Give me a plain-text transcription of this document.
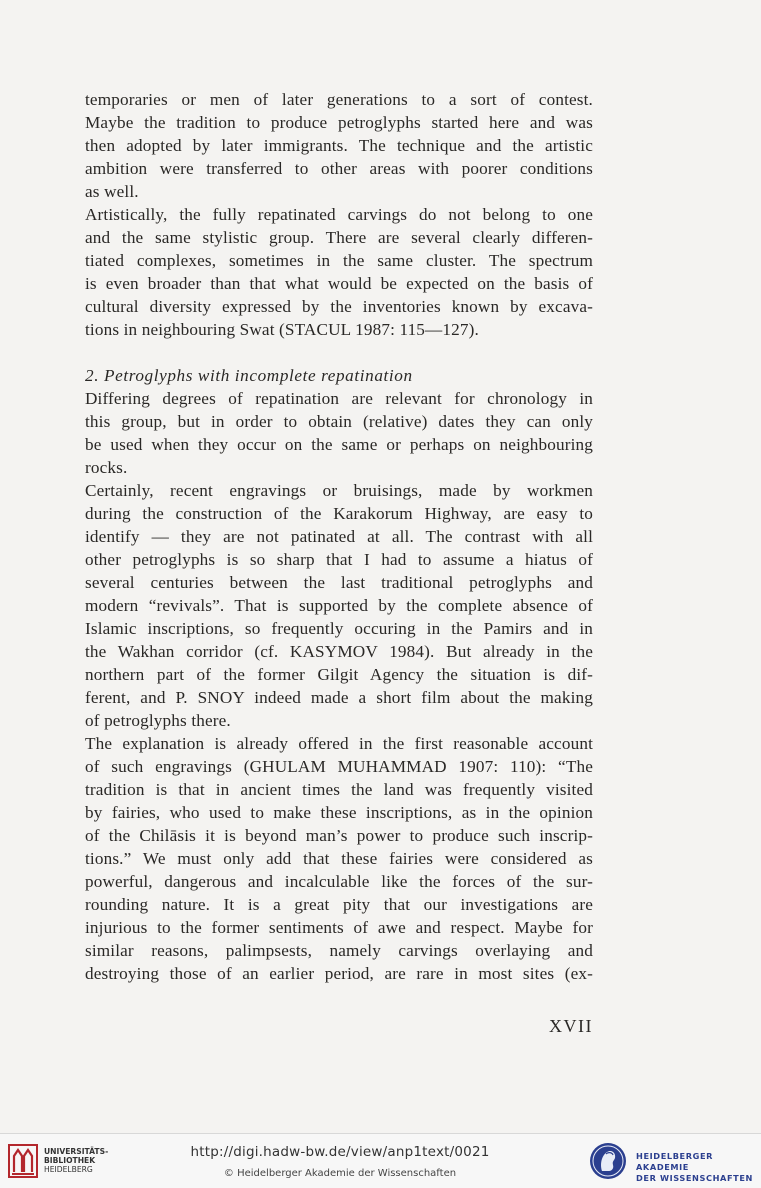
temporaries or men of later generations to a sort of contest.
Maybe the tradition to produce petroglyphs started here and was
then adopted by later immigrants. The technique and the artistic
ambition were transferred to other areas with poorer conditions
as well.
Artistically, the fully repatinated carvings do not belong to one
and the same stylistic group. There are several clearly differen-
tiated complexes, sometimes in the same cluster. The spectrum
is even broader than that what would be expected on the basis of
cultural diversity expressed by the inventories known by excava-
tions in neighbouring Swat (STACUL 1987: 115—127).
2. Petroglyphs with incomplete repatination
Differing degrees of repatination are relevant for chronology in
this group, but in order to obtain (relative) dates they can only
be used when they occur on the same or perhaps on neighbouring
rocks.
Certainly, recent engravings or bruisings, made by workmen
during the construction of the Karakorum Highway, are easy to
identify — they are not patinated at all. The contrast with all
other petroglyphs is so sharp that I had to assume a hiatus of
several centuries between the last traditional petroglyphs and
modern “revivals”. That is supported by the complete absence of
Islamic inscriptions, so frequently occuring in the Pamirs and in
the Wakhan corridor (cf. KASYMOV 1984). But already in the
northern part of the former Gilgit Agency the situation is dif-
ferent, and P. SNOY indeed made a short film about the making
of petroglyphs there.
The explanation is already offered in the first reasonable account
of such engravings (GHULAM MUHAMMAD 1907: 110): “The
tradition is that in ancient times the land was frequently visited
by fairies, who used to make these inscriptions, as in the opinion
of the Chilāsis it is beyond man’s power to produce such inscrip-
tions.” We must only add that these fairies were considered as
powerful, dangerous and incalculable like the forces of the sur-
rounding nature. It is a great pity that our investigations are
injurious to the former sentiments of awe and respect. Maybe for
similar reasons, palimpsests, namely carvings overlaying and
destroying those of an earlier period, are rare in most sites (ex-
XVII
UNIVERSITÄTS-
BIBLIOTHEK
HEIDELBERG
http://digi.hadw-bw.de/view/anp1text/0021
© Heidelberger Akademie der Wissenschaften
HEIDELBERGER AKADEMIE
DER WISSENSCHAFTEN
